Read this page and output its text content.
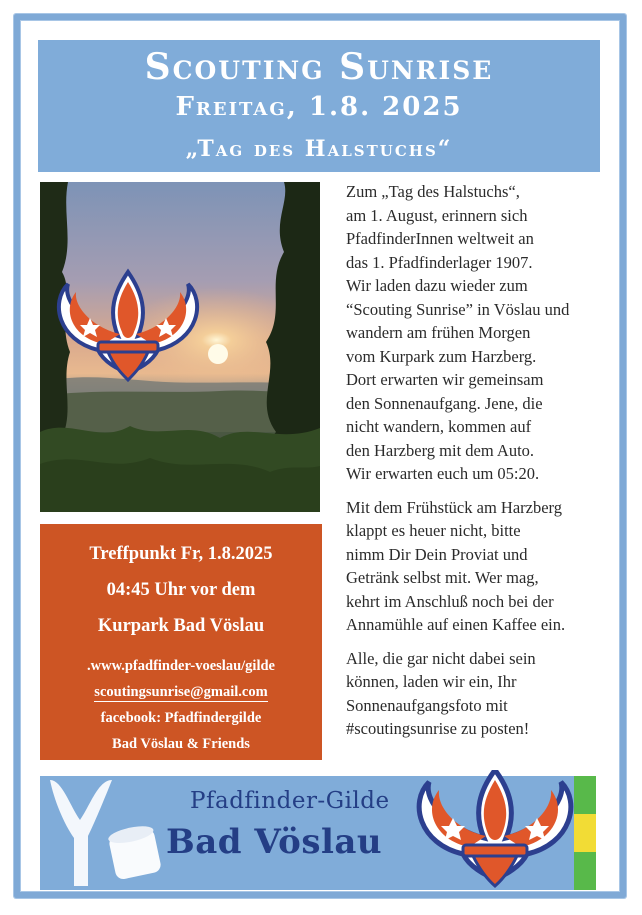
Scouting Sunrise
Freitag, 1.8. 2025
„Tag des Halstuchs“

Zum „Tag des Halstuchs“,
am 1. August, erinnern sich
PfadfinderInnen weltweit an
das 1. Pfadfinderlager 1907.
Wir laden dazu wieder zum
“Scouting Sunrise” in Vöslau und
wandern am frühen Morgen
vom Kurpark zum Harzberg.
Dort erwarten wir gemeinsam
den Sonnenaufgang. Jene, die
nicht wandern, kommen auf
den Harzberg mit dem Auto.
Wir erwarten euch um 05:20.

Mit dem Frühstück am Harzberg
klappt es heuer nicht, bitte
nimm Dir Dein Proviat und
Getränk selbst mit. Wer mag,
kehrt im Anschluß noch bei der
Annamühle auf einen Kaffee ein.

Alle, die gar nicht dabei sein
können, laden wir ein, Ihr
Sonnenaufgangsfoto mit
#scoutingsunrise zu posten!

Treffpunkt Fr, 1.8.2025
04:45 Uhr vor dem
Kurpark Bad Vöslau
.www.pfadfinder-voeslau/gilde
scoutingsunrise@gmail.com
facebook: Pfadfindergilde
Bad Vöslau & Friends
Pfadfinder-Gilde
Bad Vöslau
